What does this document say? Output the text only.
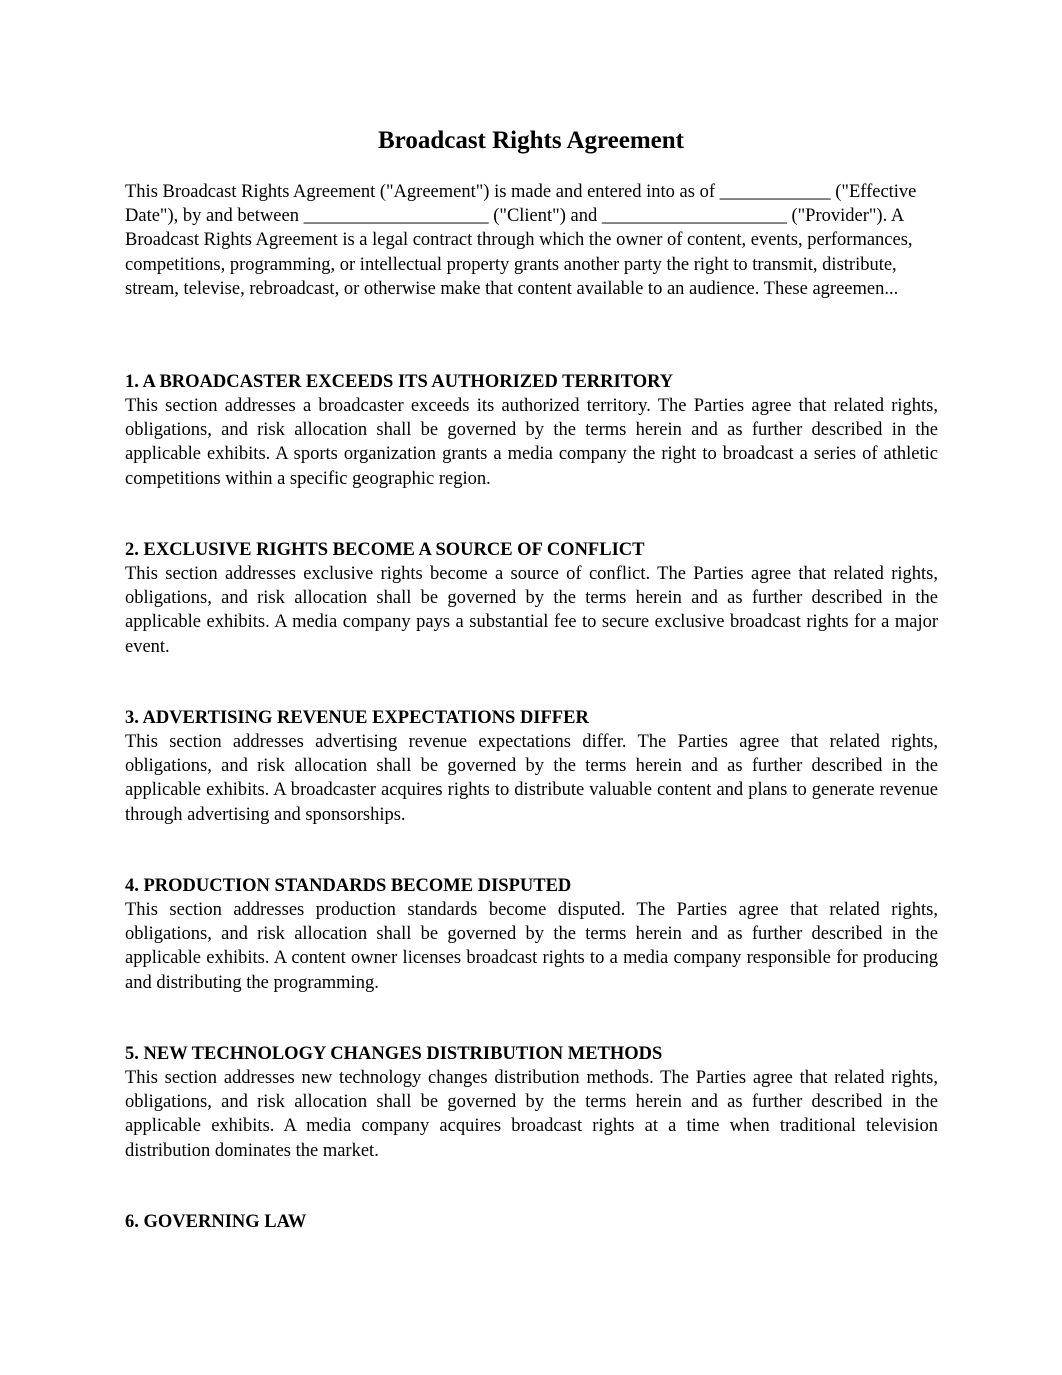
Broadcast Rights Agreement

This Broadcast Rights Agreement ("Agreement") is made and entered into as of ____________ ("Effective Date"), by and between ____________________ ("Client") and ____________________ ("Provider"). A Broadcast Rights Agreement is a legal contract through which the owner of content, events, performances, competitions, programming, or intellectual property grants another party the right to transmit, distribute, stream, televise, rebroadcast, or otherwise make that content available to an audience. These agreemen...

1. A BROADCASTER EXCEEDS ITS AUTHORIZED TERRITORY

This section addresses a broadcaster exceeds its authorized territory. The Parties agree that related rights, obligations, and risk allocation shall be governed by the terms herein and as further described in the applicable exhibits. A sports organization grants a media company the right to broadcast a series of athletic competitions within a specific geographic region.

2. EXCLUSIVE RIGHTS BECOME A SOURCE OF CONFLICT

This section addresses exclusive rights become a source of conflict. The Parties agree that related rights, obligations, and risk allocation shall be governed by the terms herein and as further described in the applicable exhibits. A media company pays a substantial fee to secure exclusive broadcast rights for a major event.

3. ADVERTISING REVENUE EXPECTATIONS DIFFER

This section addresses advertising revenue expectations differ. The Parties agree that related rights, obligations, and risk allocation shall be governed by the terms herein and as further described in the applicable exhibits. A broadcaster acquires rights to distribute valuable content and plans to generate revenue through advertising and sponsorships.

4. PRODUCTION STANDARDS BECOME DISPUTED

This section addresses production standards become disputed. The Parties agree that related rights, obligations, and risk allocation shall be governed by the terms herein and as further described in the applicable exhibits. A content owner licenses broadcast rights to a media company responsible for producing and distributing the programming.

5. NEW TECHNOLOGY CHANGES DISTRIBUTION METHODS

This section addresses new technology changes distribution methods. The Parties agree that related rights, obligations, and risk allocation shall be governed by the terms herein and as further described in the applicable exhibits. A media company acquires broadcast rights at a time when traditional television distribution dominates the market.

6. GOVERNING LAW
